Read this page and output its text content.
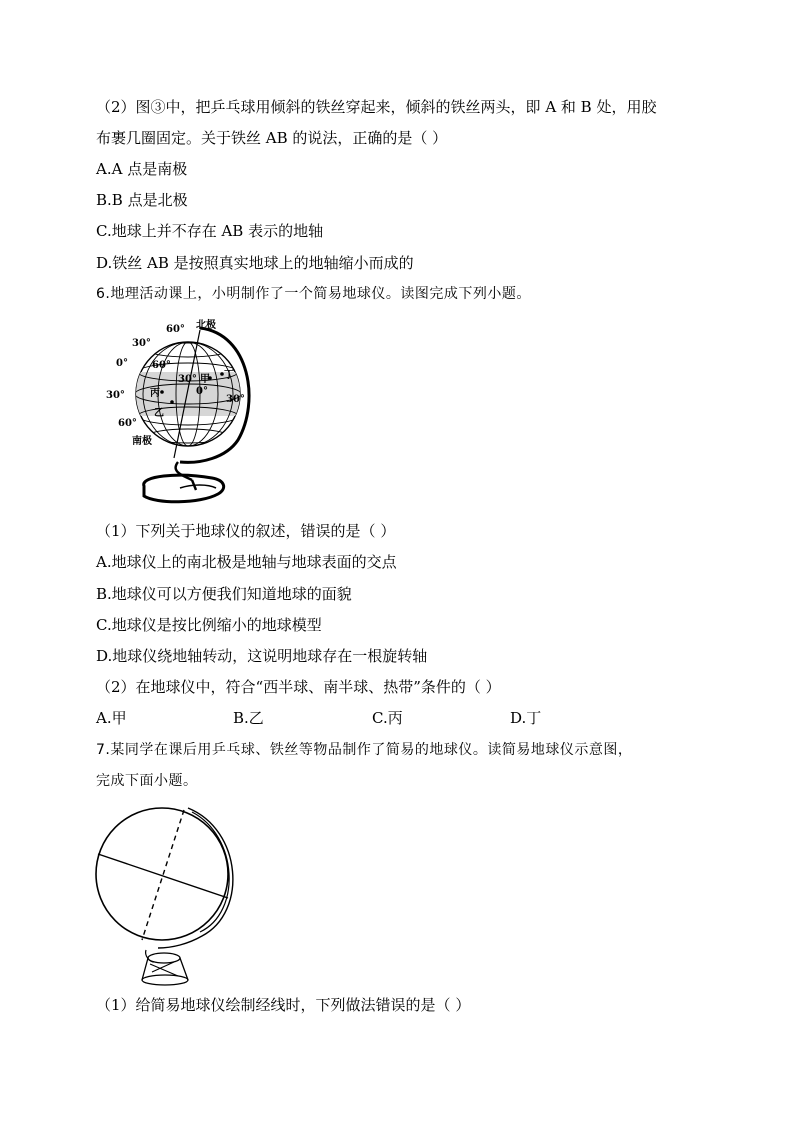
（2）图③中，把乒乓球用倾斜的铁丝穿起来，倾斜的铁丝两头，即 A 和 B 处，用胶
布裹几圈固定。关于铁丝 AB 的说法，正确的是（ ）
A.A 点是南极
B.B 点是北极
C.地球上并不存在 AB 表示的地轴
D.铁丝 AB 是按照真实地球上的地轴缩小而成的
6.地理活动课上，小明制作了一个简易地球仪。读图完成下列小题。
北极
南极
60°
30°
0° 60°
30°
30°
60°
0°
30°
甲 丁
丙
乙
（1）下列关于地球仪的叙述，错误的是（ ）
A.地球仪上的南北极是地轴与地球表面的交点
B.地球仪可以方便我们知道地球的面貌
C.地球仪是按比例缩小的地球模型
D.地球仪绕地轴转动，这说明地球存在一根旋转轴
（2）在地球仪中，符合“西半球、南半球、热带”条件的（ ）
A.甲	B.乙	C.丙	D.丁
7.某同学在课后用乒乓球、铁丝等物品制作了简易的地球仪。读简易地球仪示意图，
完成下面小题。
（1）给简易地球仪绘制经线时，下列做法错误的是（ ）
